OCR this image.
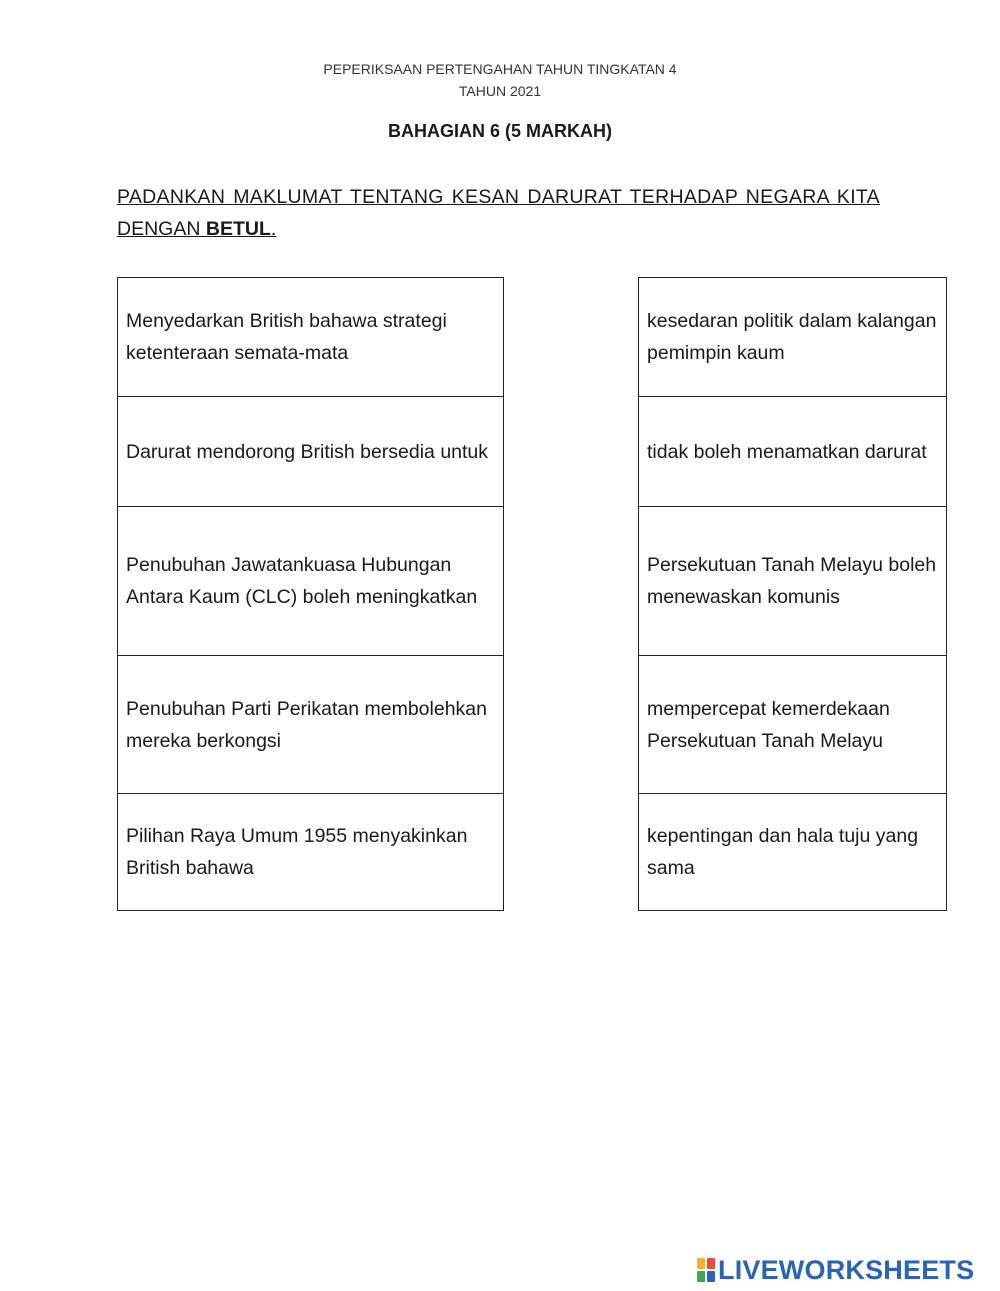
PEPERIKSAAN PERTENGAHAN TAHUN TINGKATAN 4
TAHUN 2021
BAHAGIAN 6 (5 MARKAH)
PADANKAN MAKLUMAT TENTANG KESAN DARURAT TERHADAP NEGARA KITA
DENGAN BETUL.
Menyedarkan British bahawa strategi ketenteraan semata-mata
Darurat mendorong British bersedia untuk
Penubuhan Jawatankuasa Hubungan Antara Kaum (CLC) boleh meningkatkan
Penubuhan Parti Perikatan membolehkan mereka berkongsi
Pilihan Raya Umum 1955 menyakinkan British bahawa
kesedaran politik dalam kalangan pemimpin kaum
tidak boleh menamatkan darurat
Persekutuan Tanah Melayu boleh menewaskan komunis
mempercepat kemerdekaan Persekutuan Tanah Melayu
kepentingan dan hala tuju yang sama
LIVEWORKSHEETS
